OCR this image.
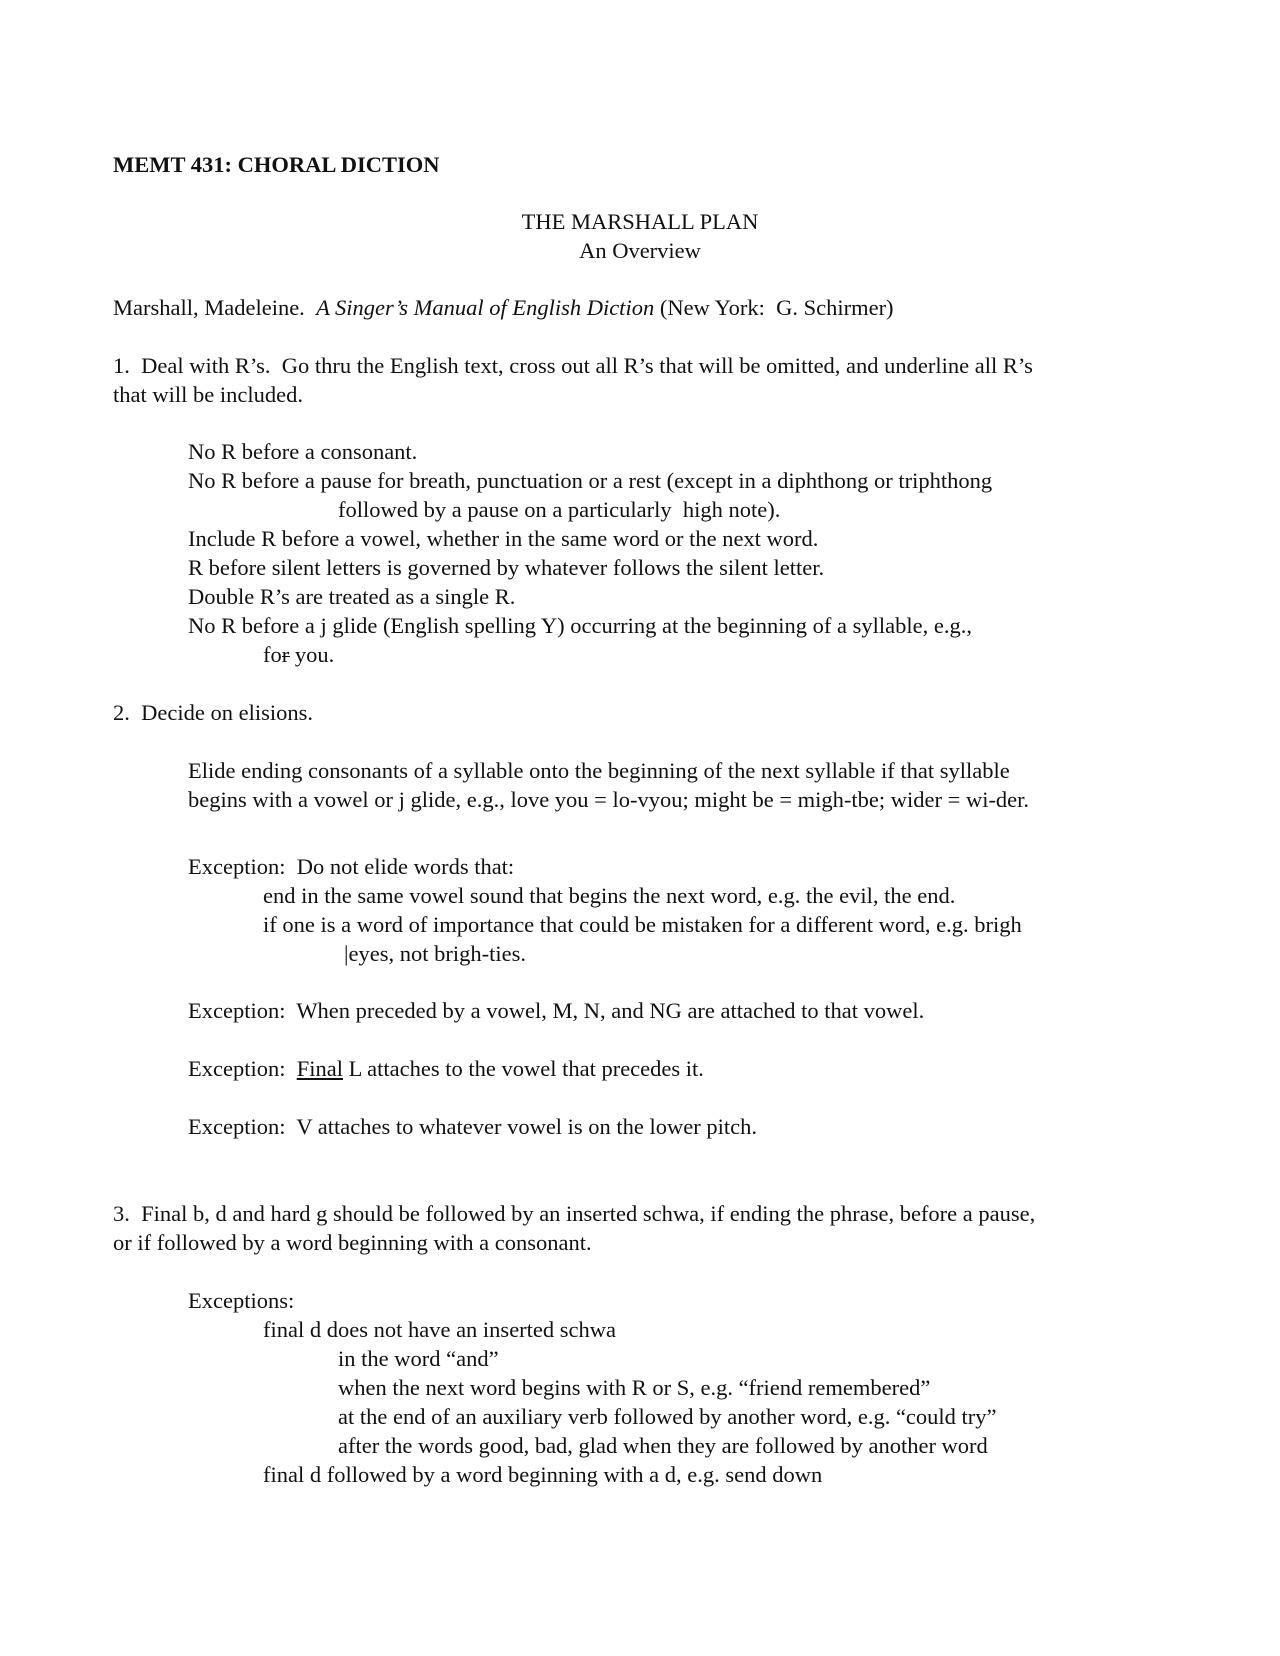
MEMT 431: CHORAL DICTION

THE MARSHALL PLAN

An Overview

Marshall, Madeleine. A Singer’s Manual of English Diction (New York:  G. Schirmer)

1.  Deal with R’s.  Go thru the English text, cross out all R’s that will be omitted, and underline all R’s

that will be included.

No R before a consonant.

No R before a pause for breath, punctuation or a rest (except in a diphthong or triphthong

followed by a pause on a particularly  high note).

Include R before a vowel, whether in the same word or the next word.

R before silent letters is governed by whatever follows the silent letter.

Double R’s are treated as a single R.

No R before a j glide (English spelling Y) occurring at the beginning of a syllable, e.g.,

for you.

2.  Decide on elisions.

Elide ending consonants of a syllable onto the beginning of the next syllable if that syllable

begins with a vowel or j glide, e.g., love you = lo-vyou; might be = migh-tbe; wider = wi-der.

Exception:  Do not elide words that:

end in the same vowel sound that begins the next word, e.g. the evil, the end.

if one is a word of importance that could be mistaken for a different word, e.g. brigh

|eyes, not brigh-ties.

Exception:  When preceded by a vowel, M, N, and NG are attached to that vowel.

Exception:  Final L attaches to the vowel that precedes it.

Exception:  V attaches to whatever vowel is on the lower pitch.

3.  Final b, d and hard g should be followed by an inserted schwa, if ending the phrase, before a pause,

or if followed by a word beginning with a consonant.

Exceptions:

final d does not have an inserted schwa

in the word “and”

when the next word begins with R or S, e.g. “friend remembered”

at the end of an auxiliary verb followed by another word, e.g. “could try”

after the words good, bad, glad when they are followed by another word

final d followed by a word beginning with a d, e.g. send down
